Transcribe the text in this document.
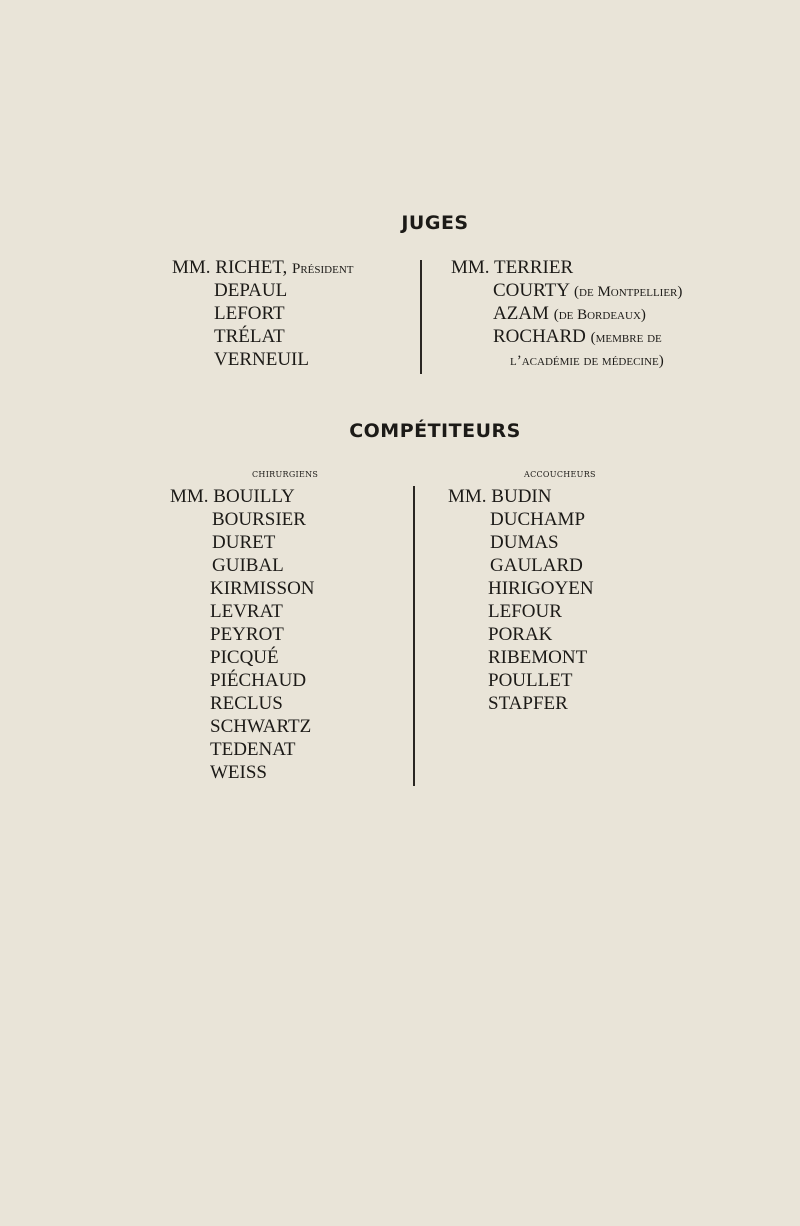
JUGES
MM. RICHET, Président
DEPAUL
LEFORT
TRÉLAT
VERNEUIL
MM. TERRIER
COURTY (de Montpellier)
AZAM (de Bordeaux)
ROCHARD (membre de
l’académie de médecine)
COMPÉTITEURS
CHIRURGIENS
MM. BOUILLY
BOURSIER
DURET
GUIBAL
KIRMISSON
LEVRAT
PEYROT
PICQUÉ
PIÉCHAUD
RECLUS
SCHWARTZ
TEDENAT
WEISS
ACCOUCHEURS
MM. BUDIN
DUCHAMP
DUMAS
GAULARD
HIRIGOYEN
LEFOUR
PORAK
RIBEMONT
POULLET
STAPFER
